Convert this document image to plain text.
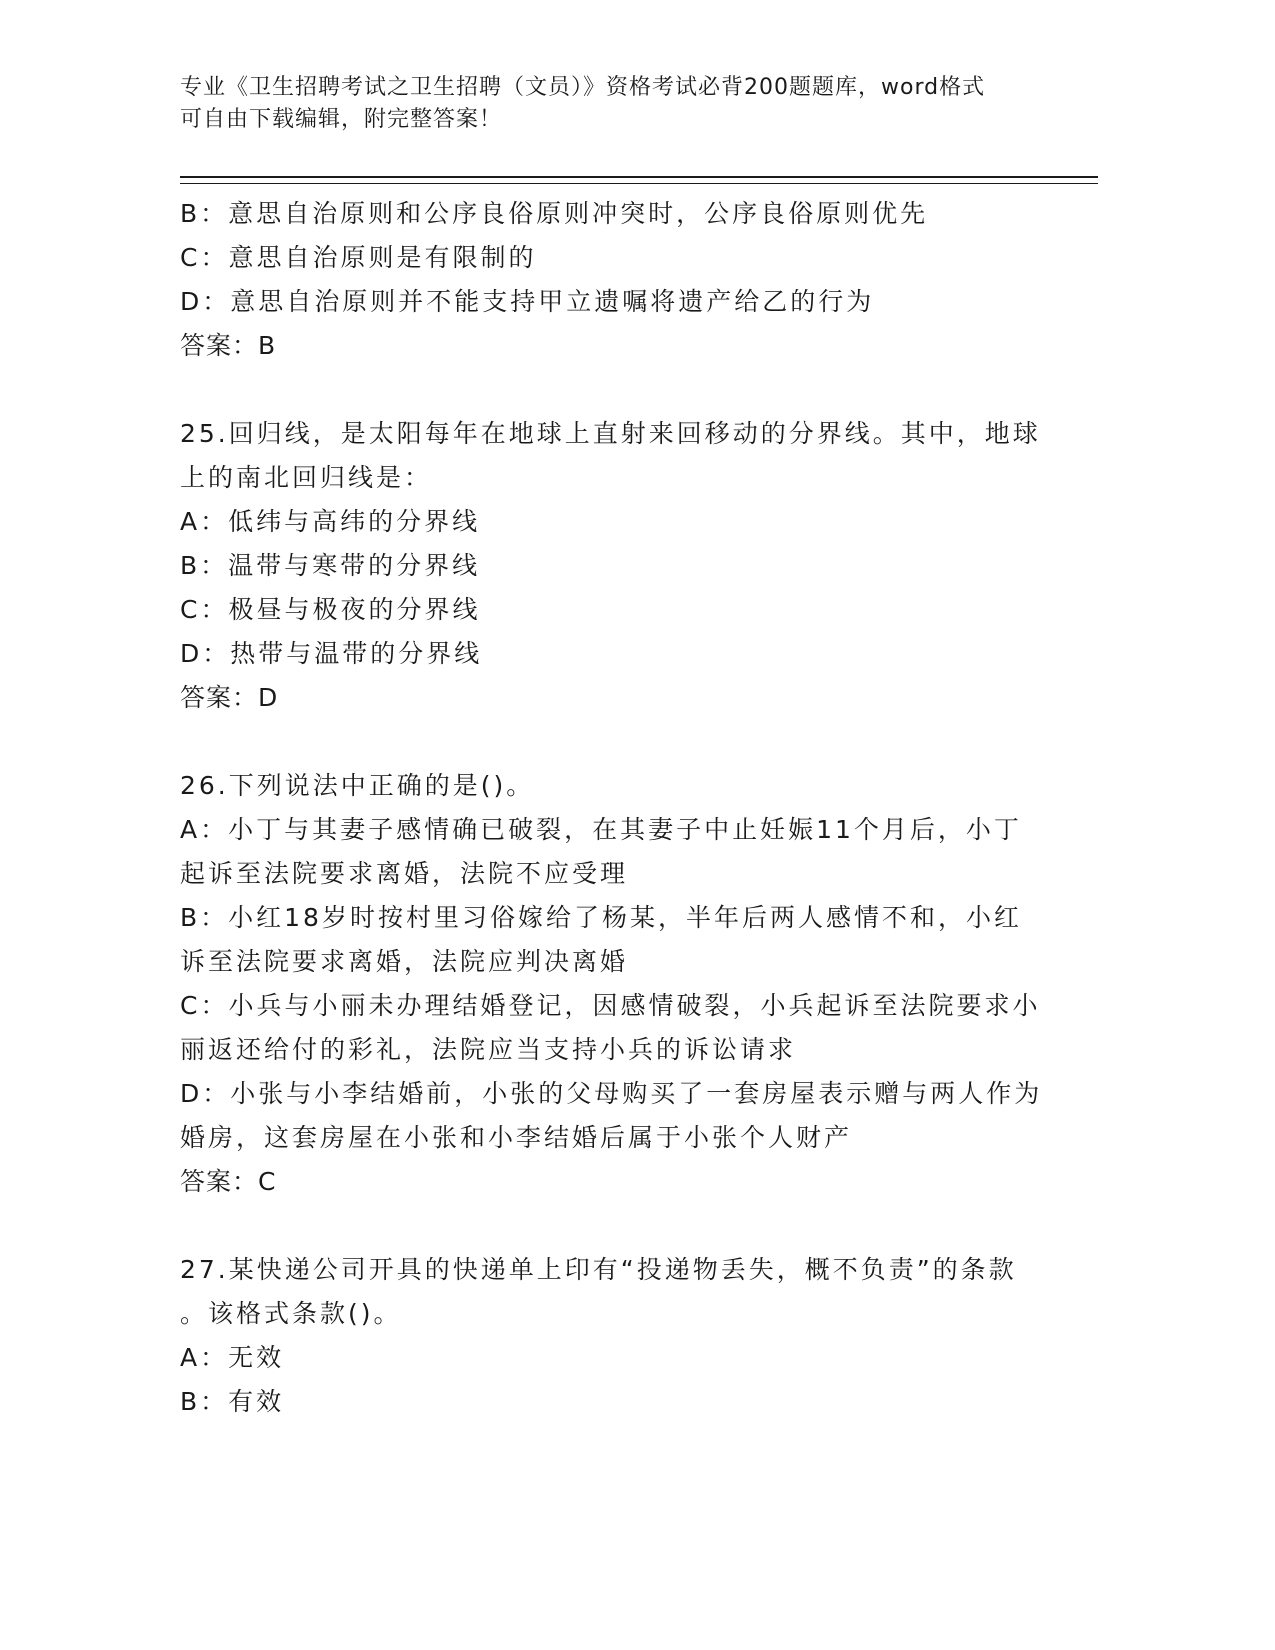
专业《卫生招聘考试之卫生招聘（文员）》资格考试必背200题题库，word格式
可自由下载编辑，附完整答案！
B：意思自治原则和公序良俗原则冲突时，公序良俗原则优先
C：意思自治原则是有限制的
D：意思自治原则并不能支持甲立遗嘱将遗产给乙的行为
答案：B
25.回归线，是太阳每年在地球上直射来回移动的分界线。其中，地球
上的南北回归线是：
A：低纬与高纬的分界线
B：温带与寒带的分界线
C：极昼与极夜的分界线
D：热带与温带的分界线
答案：D
26.下列说法中正确的是()。
A：小丁与其妻子感情确已破裂，在其妻子中止妊娠11个月后，小丁
起诉至法院要求离婚，法院不应受理
B：小红18岁时按村里习俗嫁给了杨某，半年后两人感情不和，小红
诉至法院要求离婚，法院应判决离婚
C：小兵与小丽未办理结婚登记，因感情破裂，小兵起诉至法院要求小
丽返还给付的彩礼，法院应当支持小兵的诉讼请求
D：小张与小李结婚前，小张的父母购买了一套房屋表示赠与两人作为
婚房，这套房屋在小张和小李结婚后属于小张个人财产
答案：C
27.某快递公司开具的快递单上印有“投递物丢失，概不负责”的条款
。该格式条款()。
A：无效
B：有效
